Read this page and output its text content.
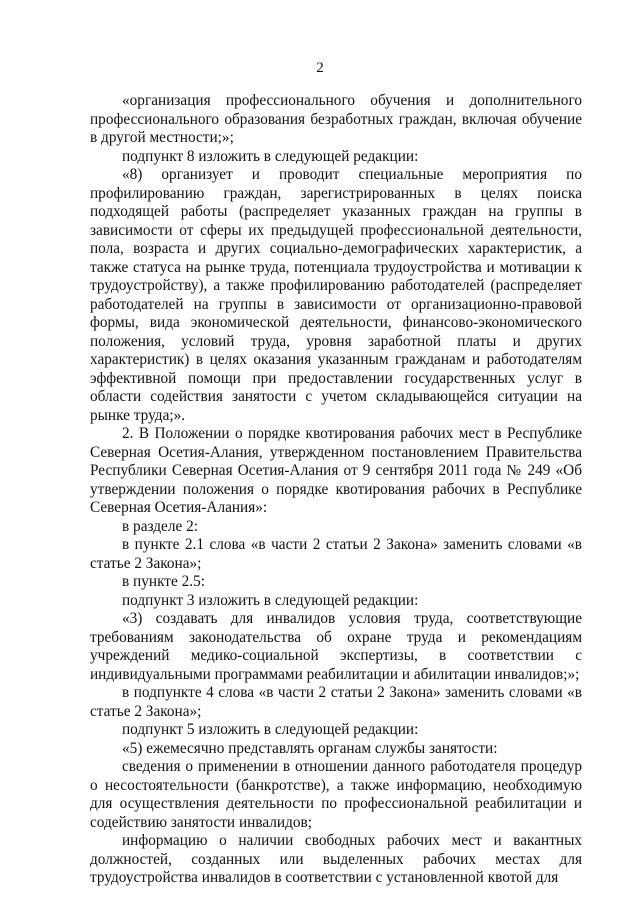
2

«организация профессионального обучения и дополнительного профессионального образования безработных граждан, включая обучение в другой местности;»;

подпункт 8 изложить в следующей редакции:

«8) организует и проводит специальные мероприятия по профилированию граждан, зарегистрированных в целях поиска подходящей работы (распределяет указанных граждан на группы в зависимости от сферы их предыдущей профессиональной деятельности, пола, возраста и других социально-демографических характеристик, а также статуса на рынке труда, потенциала трудоустройства и мотивации к трудоустройству), а также профилированию работодателей (распределяет работодателей на группы в зависимости от организационно-правовой формы, вида экономической деятельности, финансово-экономического положения, условий труда, уровня заработной платы и других характеристик) в целях оказания указанным гражданам и работодателям эффективной помощи при предоставлении государственных услуг в области содействия занятости с учетом складывающейся ситуации на рынке труда;».

2. В Положении о порядке квотирования рабочих мест в Республике Северная Осетия-Алания, утвержденном постановлением Правительства Республики Северная Осетия-Алания от 9 сентября 2011 года № 249 «Об утверждении положения о порядке квотирования рабочих в Республике Северная Осетия-Алания»:

в разделе 2:

в пункте 2.1 слова «в части 2 статьи 2 Закона» заменить словами «в статье 2 Закона»;

в пункте 2.5:

подпункт 3 изложить в следующей редакции:

«3) создавать для инвалидов условия труда, соответствующие требованиям законодательства об охране труда и рекомендациям учреждений медико-социальной экспертизы, в соответствии с индивидуальными программами реабилитации и абилитации инвалидов;»;

в подпункте 4 слова «в части 2 статьи 2 Закона» заменить словами «в статье 2 Закона»;

подпункт 5 изложить в следующей редакции:

«5) ежемесячно представлять органам службы занятости:

сведения о применении в отношении данного работодателя процедур о несостоятельности (банкротстве), а также информацию, необходимую для осуществления деятельности по профессиональной реабилитации и содействию занятости инвалидов;

информацию о наличии свободных рабочих мест и вакантных должностей, созданных или выделенных рабочих местах для трудоустройства инвалидов в соответствии с установленной квотой для
